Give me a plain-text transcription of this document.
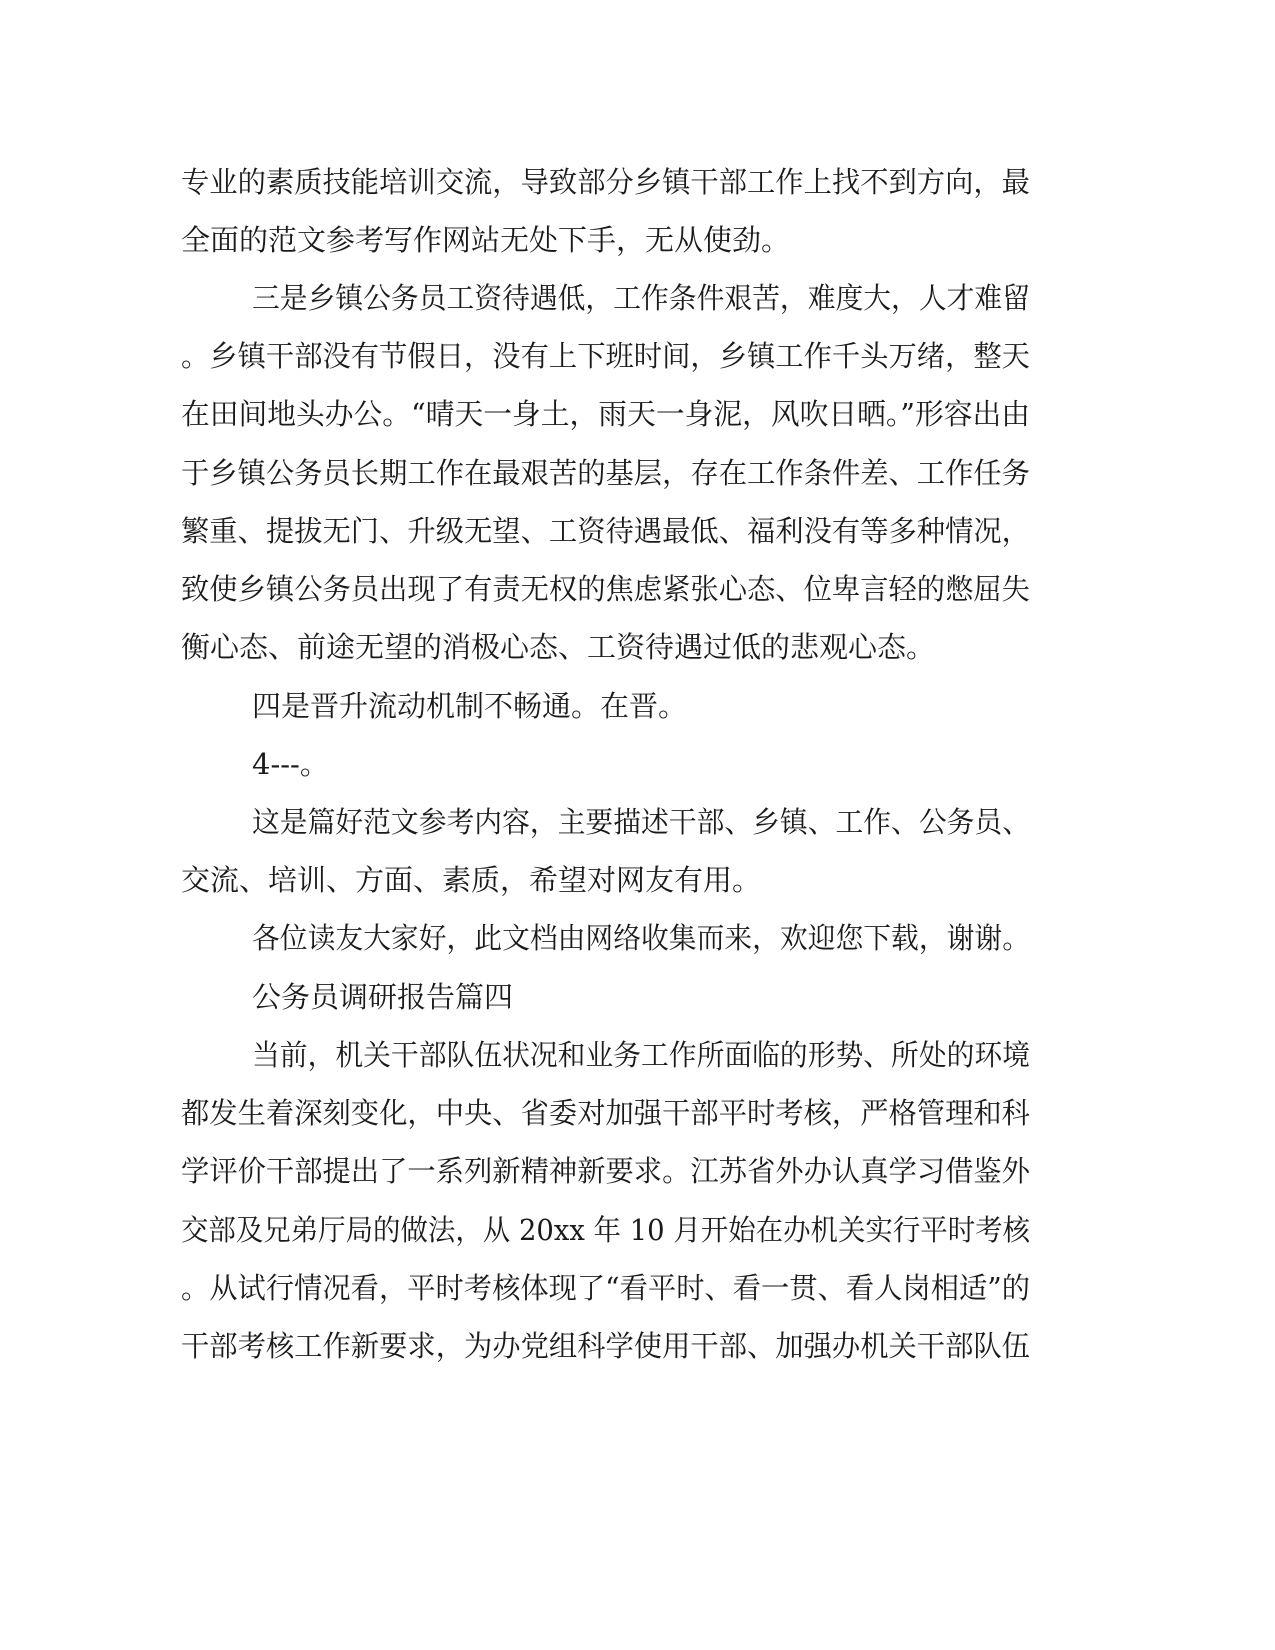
专业的素质技能培训交流，导致部分乡镇干部工作上找不到方向，最
全面的范文参考写作网站无处下手，无从使劲。
三是乡镇公务员工资待遇低，工作条件艰苦，难度大，人才难留
。乡镇干部没有节假日，没有上下班时间，乡镇工作千头万绪，整天
在田间地头办公。“晴天一身土，雨天一身泥，风吹日晒。”形容出由
于乡镇公务员长期工作在最艰苦的基层，存在工作条件差、工作任务
繁重、提拔无门、升级无望、工资待遇最低、福利没有等多种情况，
致使乡镇公务员出现了有责无权的焦虑紧张心态、位卑言轻的憋屈失
衡心态、前途无望的消极心态、工资待遇过低的悲观心态。
四是晋升流动机制不畅通。在晋。
4---。
这是篇好范文参考内容，主要描述干部、乡镇、工作、公务员、
交流、培训、方面、素质，希望对网友有用。
各位读友大家好，此文档由网络收集而来，欢迎您下载，谢谢。
公务员调研报告篇四
当前，机关干部队伍状况和业务工作所面临的形势、所处的环境
都发生着深刻变化，中央、省委对加强干部平时考核，严格管理和科
学评价干部提出了一系列新精神新要求。江苏省外办认真学习借鉴外
交部及兄弟厅局的做法，从 20xx 年 10 月开始在办机关实行平时考核
。从试行情况看，平时考核体现了“看平时、看一贯、看人岗相适”的
干部考核工作新要求，为办党组科学使用干部、加强办机关干部队伍
